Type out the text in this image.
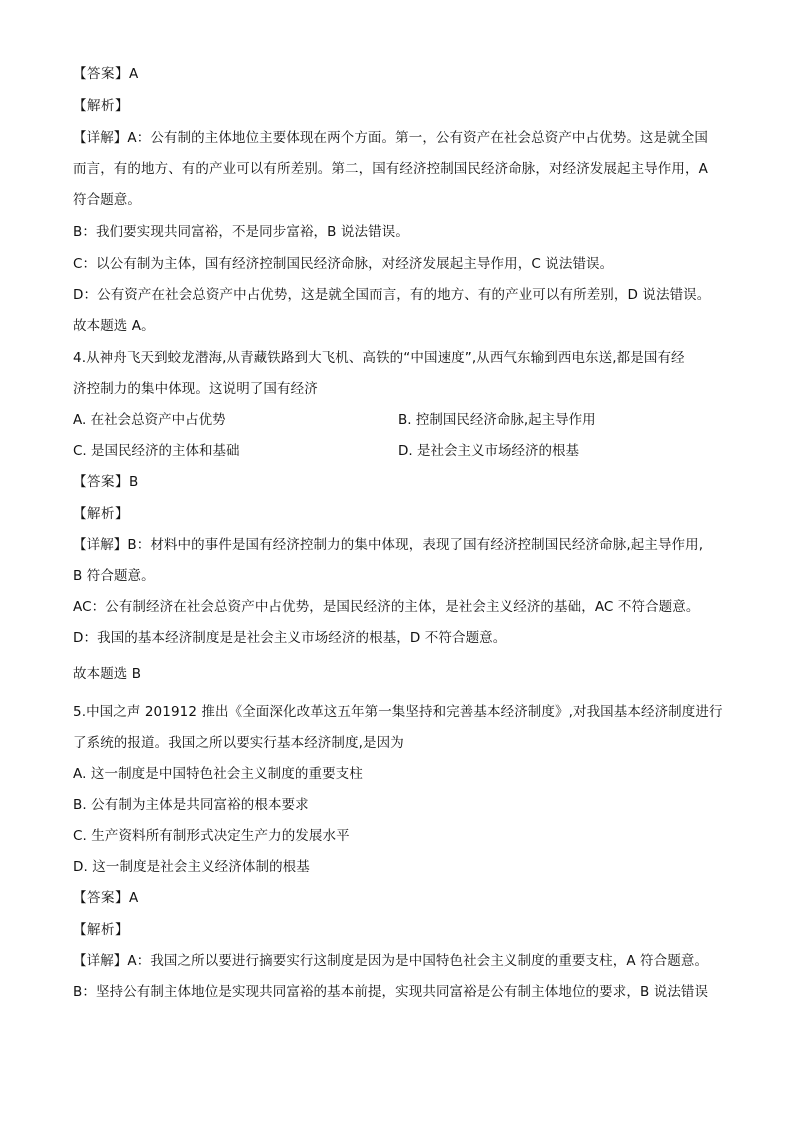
【答案】A
【解析】
【详解】A：公有制的主体地位主要体现在两个方面。第一，公有资产在社会总资产中占优势。这是就全国
而言，有的地方、有的产业可以有所差别。第二，国有经济控制国民经济命脉，对经济发展起主导作用，A
符合题意。
B：我们要实现共同富裕，不是同步富裕，B 说法错误。
C：以公有制为主体，国有经济控制国民经济命脉，对经济发展起主导作用，C 说法错误。
D：公有资产在社会总资产中占优势，这是就全国而言，有的地方、有的产业可以有所差别，D 说法错误。
故本题选 A。
4.从神舟飞天到蛟龙潜海,从青藏铁路到大飞机、高铁的“中国速度”,从西气东输到西电东送,都是国有经
济控制力的集中体现。这说明了国有经济
A. 在社会总资产中占优势	B. 控制国民经济命脉,起主导作用
C. 是国民经济的主体和基础	D. 是社会主义市场经济的根基
【答案】B
【解析】
【详解】B：材料中的事件是国有经济控制力的集中体现，表现了国有经济控制国民经济命脉,起主导作用,
B 符合题意。
AC：公有制经济在社会总资产中占优势，是国民经济的主体，是社会主义经济的基础，AC 不符合题意。
D：我国的基本经济制度是是社会主义市场经济的根基，D 不符合题意。
故本题选 B
5.中国之声 201912 推出《全面深化改革这五年第一集坚持和完善基本经济制度》,对我国基本经济制度进行
了系统的报道。我国之所以要实行基本经济制度,是因为
A. 这一制度是中国特色社会主义制度的重要支柱
B. 公有制为主体是共同富裕的根本要求
C. 生产资料所有制形式决定生产力的发展水平
D. 这一制度是社会主义经济体制的根基
【答案】A
【解析】
【详解】A：我国之所以要进行摘要实行这制度是因为是中国特色社会主义制度的重要支柱，A 符合题意。
B：坚持公有制主体地位是实现共同富裕的基本前提，实现共同富裕是公有制主体地位的要求，B 说法错误
